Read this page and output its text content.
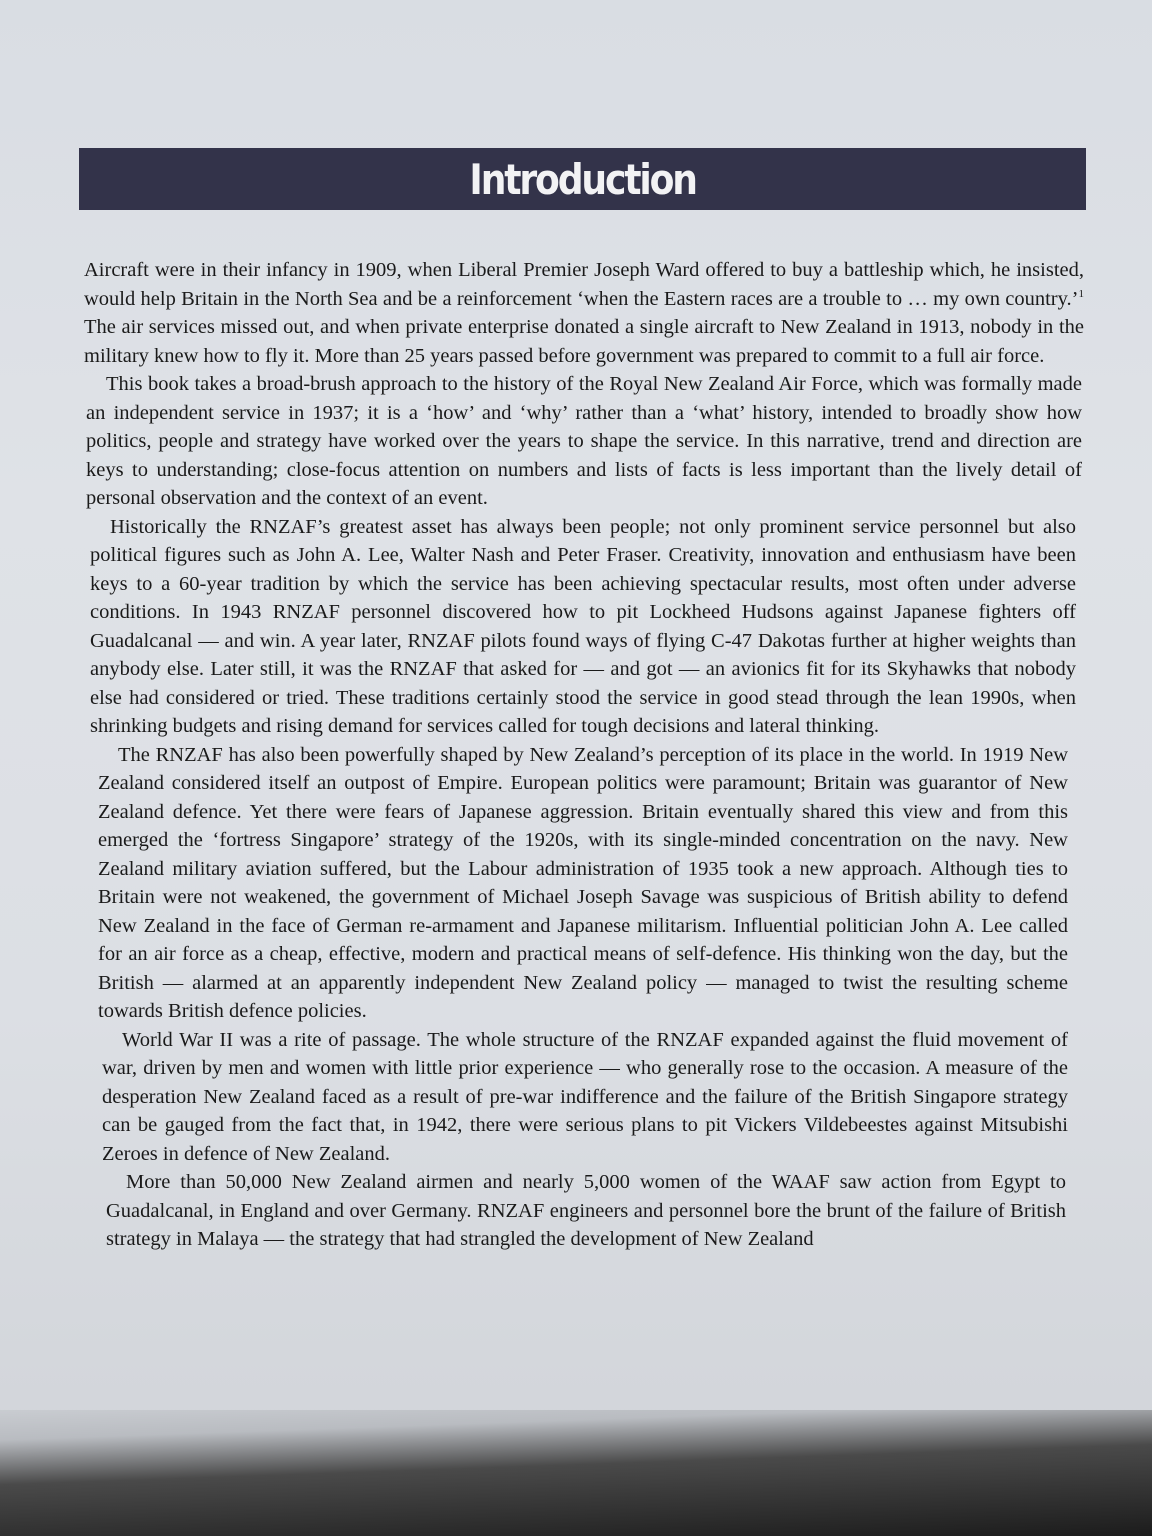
Introduction

Aircraft were in their infancy in 1909, when Liberal Premier Joseph Ward offered to buy a battleship which, he insisted, would help Britain in the North Sea and be a reinforcement ‘when the Eastern races are a trouble to … my own country.’$^1$ The air services missed out, and when private enterprise donated a single aircraft to New Zealand in 1913, nobody in the military knew how to fly it. More than 25 years passed before government was prepared to commit to a full air force.

This book takes a broad-brush approach to the history of the Royal New Zealand Air Force, which was formally made an independent service in 1937; it is a ‘how’ and ‘why’ rather than a ‘what’ history, intended to broadly show how politics, people and strategy have worked over the years to shape the service. In this narrative, trend and direction are keys to understanding; close-focus attention on numbers and lists of facts is less important than the lively detail of personal observation and the context of an event.

Historically the RNZAF’s greatest asset has always been people; not only prominent service personnel but also political figures such as John A. Lee, Walter Nash and Peter Fraser. Creativity, innovation and enthusiasm have been keys to a 60-year tradition by which the service has been achieving spectacular results, most often under adverse conditions. In 1943 RNZAF personnel discovered how to pit Lockheed Hudsons against Japanese fighters off Guadalcanal — and win. A year later, RNZAF pilots found ways of flying C-47 Dakotas further at higher weights than anybody else. Later still, it was the RNZAF that asked for — and got — an avionics fit for its Skyhawks that nobody else had considered or tried. These traditions certainly stood the service in good stead through the lean 1990s, when shrinking budgets and rising demand for services called for tough decisions and lateral thinking.

The RNZAF has also been powerfully shaped by New Zealand’s perception of its place in the world. In 1919 New Zealand considered itself an outpost of Empire. European politics were paramount; Britain was guarantor of New Zealand defence. Yet there were fears of Japanese aggression. Britain eventually shared this view and from this emerged the ‘fortress Singapore’ strategy of the 1920s, with its single-minded concentration on the navy. New Zealand military aviation suffered, but the Labour administration of 1935 took a new approach. Although ties to Britain were not weakened, the government of Michael Joseph Savage was suspicious of British ability to defend New Zealand in the face of German re-armament and Japanese militarism. Influential politician John A. Lee called for an air force as a cheap, effective, modern and practical means of self-defence. His thinking won the day, but the British — alarmed at an apparently independent New Zealand policy — managed to twist the resulting scheme towards British defence policies.

World War II was a rite of passage. The whole structure of the RNZAF expanded against the fluid movement of war, driven by men and women with little prior experience — who generally rose to the occasion. A measure of the desperation New Zealand faced as a result of pre-war indifference and the failure of the British Singapore strategy can be gauged from the fact that, in 1942, there were serious plans to pit Vickers Vildebeestes against Mitsubishi Zeroes in defence of New Zealand.

More than 50,000 New Zealand airmen and nearly 5,000 women of the WAAF saw action from Egypt to Guadalcanal, in England and over Germany. RNZAF engineers and personnel bore the brunt of the failure of British strategy in Malaya — the strategy that had strangled the development of New Zealand
